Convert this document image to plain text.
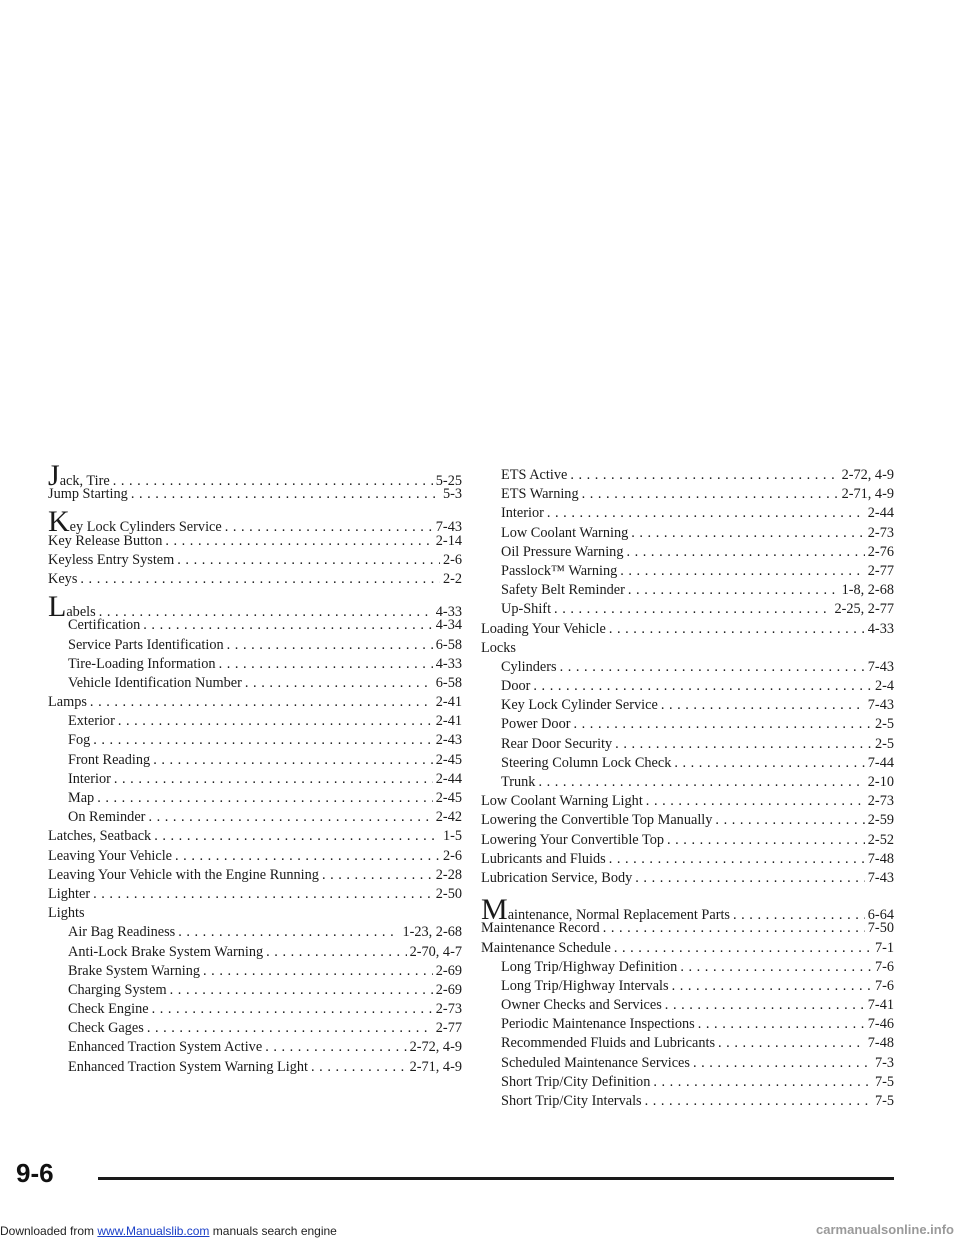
Jack, Tire . . .	5-25
Jump Starting . . .	5-3
Key Lock Cylinders Service . . .	7-43
Key Release Button . . .	2-14
Keyless Entry System . . .	2-6
Keys . . .	2-2
Labels . . .	4-33
Certification . . .	4-34
Service Parts Identification . . .	6-58
Tire-Loading Information . . .	4-33
Vehicle Identification Number . . .	6-58
Lamps . . .	2-41
Exterior . . .	2-41
Fog . . .	2-43
Front Reading . . .	2-45
Interior . . .	2-44
Map . . .	2-45
On Reminder . . .	2-42
Latches, Seatback . . .	1-5
Leaving Your Vehicle . . .	2-6
Leaving Your Vehicle with the Engine Running . . .	2-28
Lighter . . .	2-50
Lights
Air Bag Readiness . . .	1-23, 2-68
Anti-Lock Brake System Warning . . .	2-70, 4-7
Brake System Warning . . .	2-69
Charging System . . .	2-69
Check Engine . . .	2-73
Check Gages . . .	2-77
Enhanced Traction System Active . . .	2-72, 4-9
Enhanced Traction System Warning Light . . .	2-71, 4-9
ETS Active . . .	2-72, 4-9
ETS Warning . . .	2-71, 4-9
Interior . . .	2-44
Low Coolant Warning . . .	2-73
Oil Pressure Warning . . .	2-76
Passlock™ Warning . . .	2-77
Safety Belt Reminder . . .	1-8, 2-68
Up-Shift . . .	2-25, 2-77
Loading Your Vehicle . . .	4-33
Locks
Cylinders . . .	7-43
Door . . .	2-4
Key Lock Cylinder Service . . .	7-43
Power Door . . .	2-5
Rear Door Security . . .	2-5
Steering Column Lock Check . . .	7-44
Trunk . . .	2-10
Low Coolant Warning Light . . .	2-73
Lowering the Convertible Top Manually . . .	2-59
Lowering Your Convertible Top . . .	2-52
Lubricants and Fluids . . .	7-48
Lubrication Service, Body . . .	7-43
Maintenance, Normal Replacement Parts . . .	6-64
Maintenance Record . . .	7-50
Maintenance Schedule . . .	7-1
Long Trip/Highway Definition . . .	7-6
Long Trip/Highway Intervals . . .	7-6
Owner Checks and Services . . .	7-41
Periodic Maintenance Inspections . . .	7-46
Recommended Fluids and Lubricants . . .	7-48
Scheduled Maintenance Services . . .	7-3
Short Trip/City Definition . . .	7-5
Short Trip/City Intervals . . .	7-5
9-6
Downloaded from www.Manualslib.com manuals search engine	carmanualsonline.info
